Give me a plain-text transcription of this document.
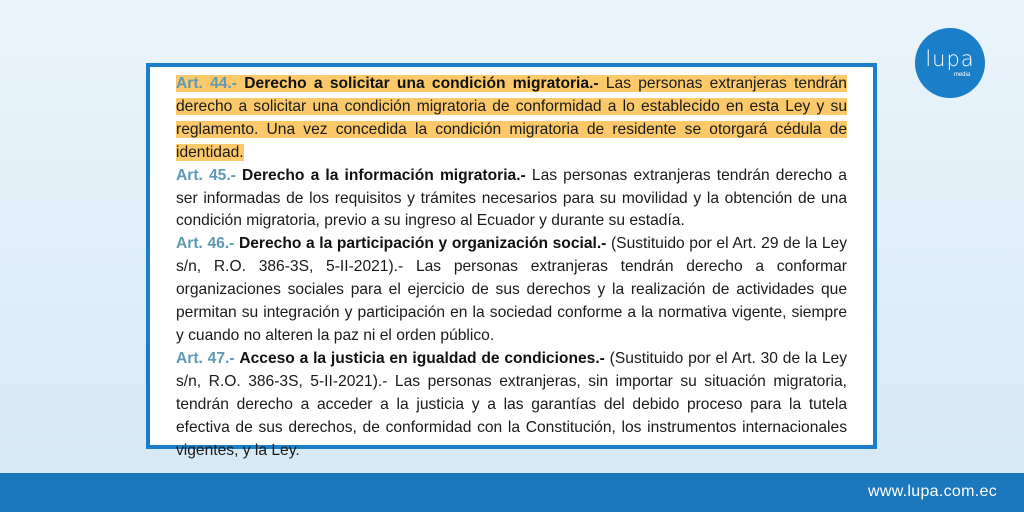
lupa
media

Art. 44.- Derecho a solicitar una condición migratoria.- Las personas extranjeras tendrán derecho a solicitar una condición migratoria de conformidad a lo establecido en esta Ley y su reglamento. Una vez concedida la condición migratoria de residente se otorgará cédula de identidad.

Art. 45.- Derecho a la información migratoria.- Las personas extranjeras tendrán derecho a ser informadas de los requisitos y trámites necesarios para su movilidad y la obtención de una condición migratoria, previo a su ingreso al Ecuador y durante su estadía.

Art. 46.- Derecho a la participación y organización social.- (Sustituido por el Art. 29 de la Ley s/n, R.O. 386-3S, 5-II-2021).- Las personas extranjeras tendrán derecho a conformar organizaciones sociales para el ejercicio de sus derechos y la realización de actividades que permitan su integración y participación en la sociedad conforme a la normativa vigente, siempre y cuando no alteren la paz ni el orden público.

Art. 47.- Acceso a la justicia en igualdad de condiciones.- (Sustituido por el Art. 30 de la Ley s/n, R.O. 386-3S, 5-II-2021).- Las personas extranjeras, sin importar su situación migratoria, tendrán derecho a acceder a la justicia y a las garantías del debido proceso para la tutela efectiva de sus derechos, de conformidad con la Constitución, los instrumentos internacionales vigentes, y la Ley.

www.lupa.com.ec
